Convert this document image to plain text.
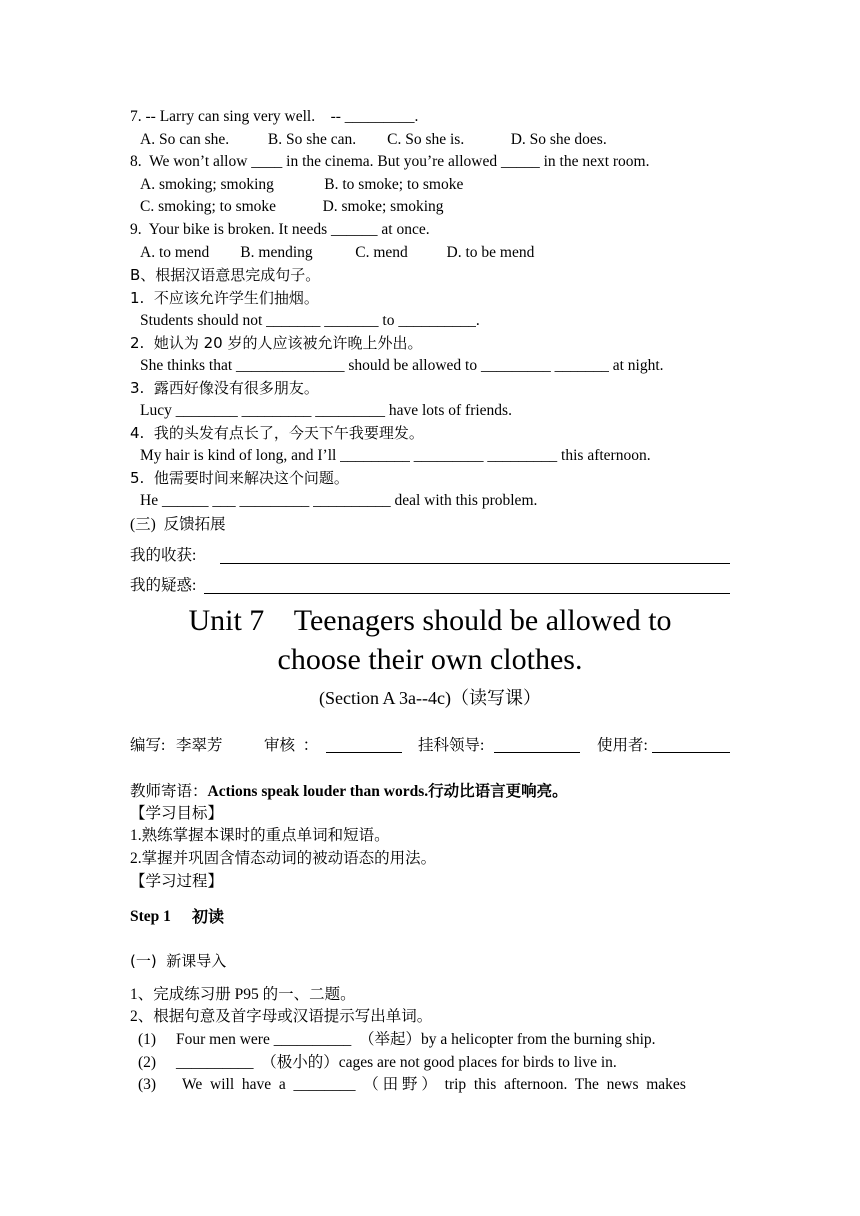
7. -- Larry can sing very well.    -- _________.
A. So can she.          B. So she can.        C. So she is.            D. So she does.
8.  We won’t allow ____ in the cinema. But you’re allowed _____ in the next room.
A. smoking; smoking             B. to smoke; to smoke
C. smoking; to smoke            D. smoke; smoking
9.  Your bike is broken. It needs ______ at once.
A. to mend        B. mending           C. mend          D. to be mend
B、根据汉语意思完成句子。
1.  不应该允许学生们抽烟。
Students should not _______ _______ to __________.
2.  她认为 20 岁的人应该被允许晚上外出。
She thinks that ______________ should be allowed to _________ _______ at night.
3.  露西好像没有很多朋友。
Lucy ________ _________ _________ have lots of friends.
4.  我的头发有点长了，今天下午我要理发。
My hair is kind of long, and I’ll _________ _________ _________ this afternoon.
5.  他需要时间来解决这个问题。
He ______ ___ _________ __________ deal with this problem.
(三)  反馈拓展
我的收获:
我的疑惑:
Unit 7    Teenagers should be allowed to
choose their own clothes.
(Section A 3a--4c)（读写课）
编写: 李翠芳	审核  ：	挂科领导:	使用者:
教师寄语：Actions speak louder than words.行动比语言更响亮。
【学习目标】
1.熟练掌握本课时的重点单词和短语。
2.掌握并巩固含情态动词的被动语态的用法。
【学习过程】
Step 1 初读
(一)  新课导入
1、完成练习册 P95 的一、二题。
2、根据句意及首字母或汉语提示写出单词。
(1) Four men were __________  （举起）by a helicopter from the burning ship.
(2) __________  （极小的）cages are not good places for birds to live in.
(3) We  will  have  a  ________  （ 田 野 ）  trip  this  afternoon.  The  news  makes
